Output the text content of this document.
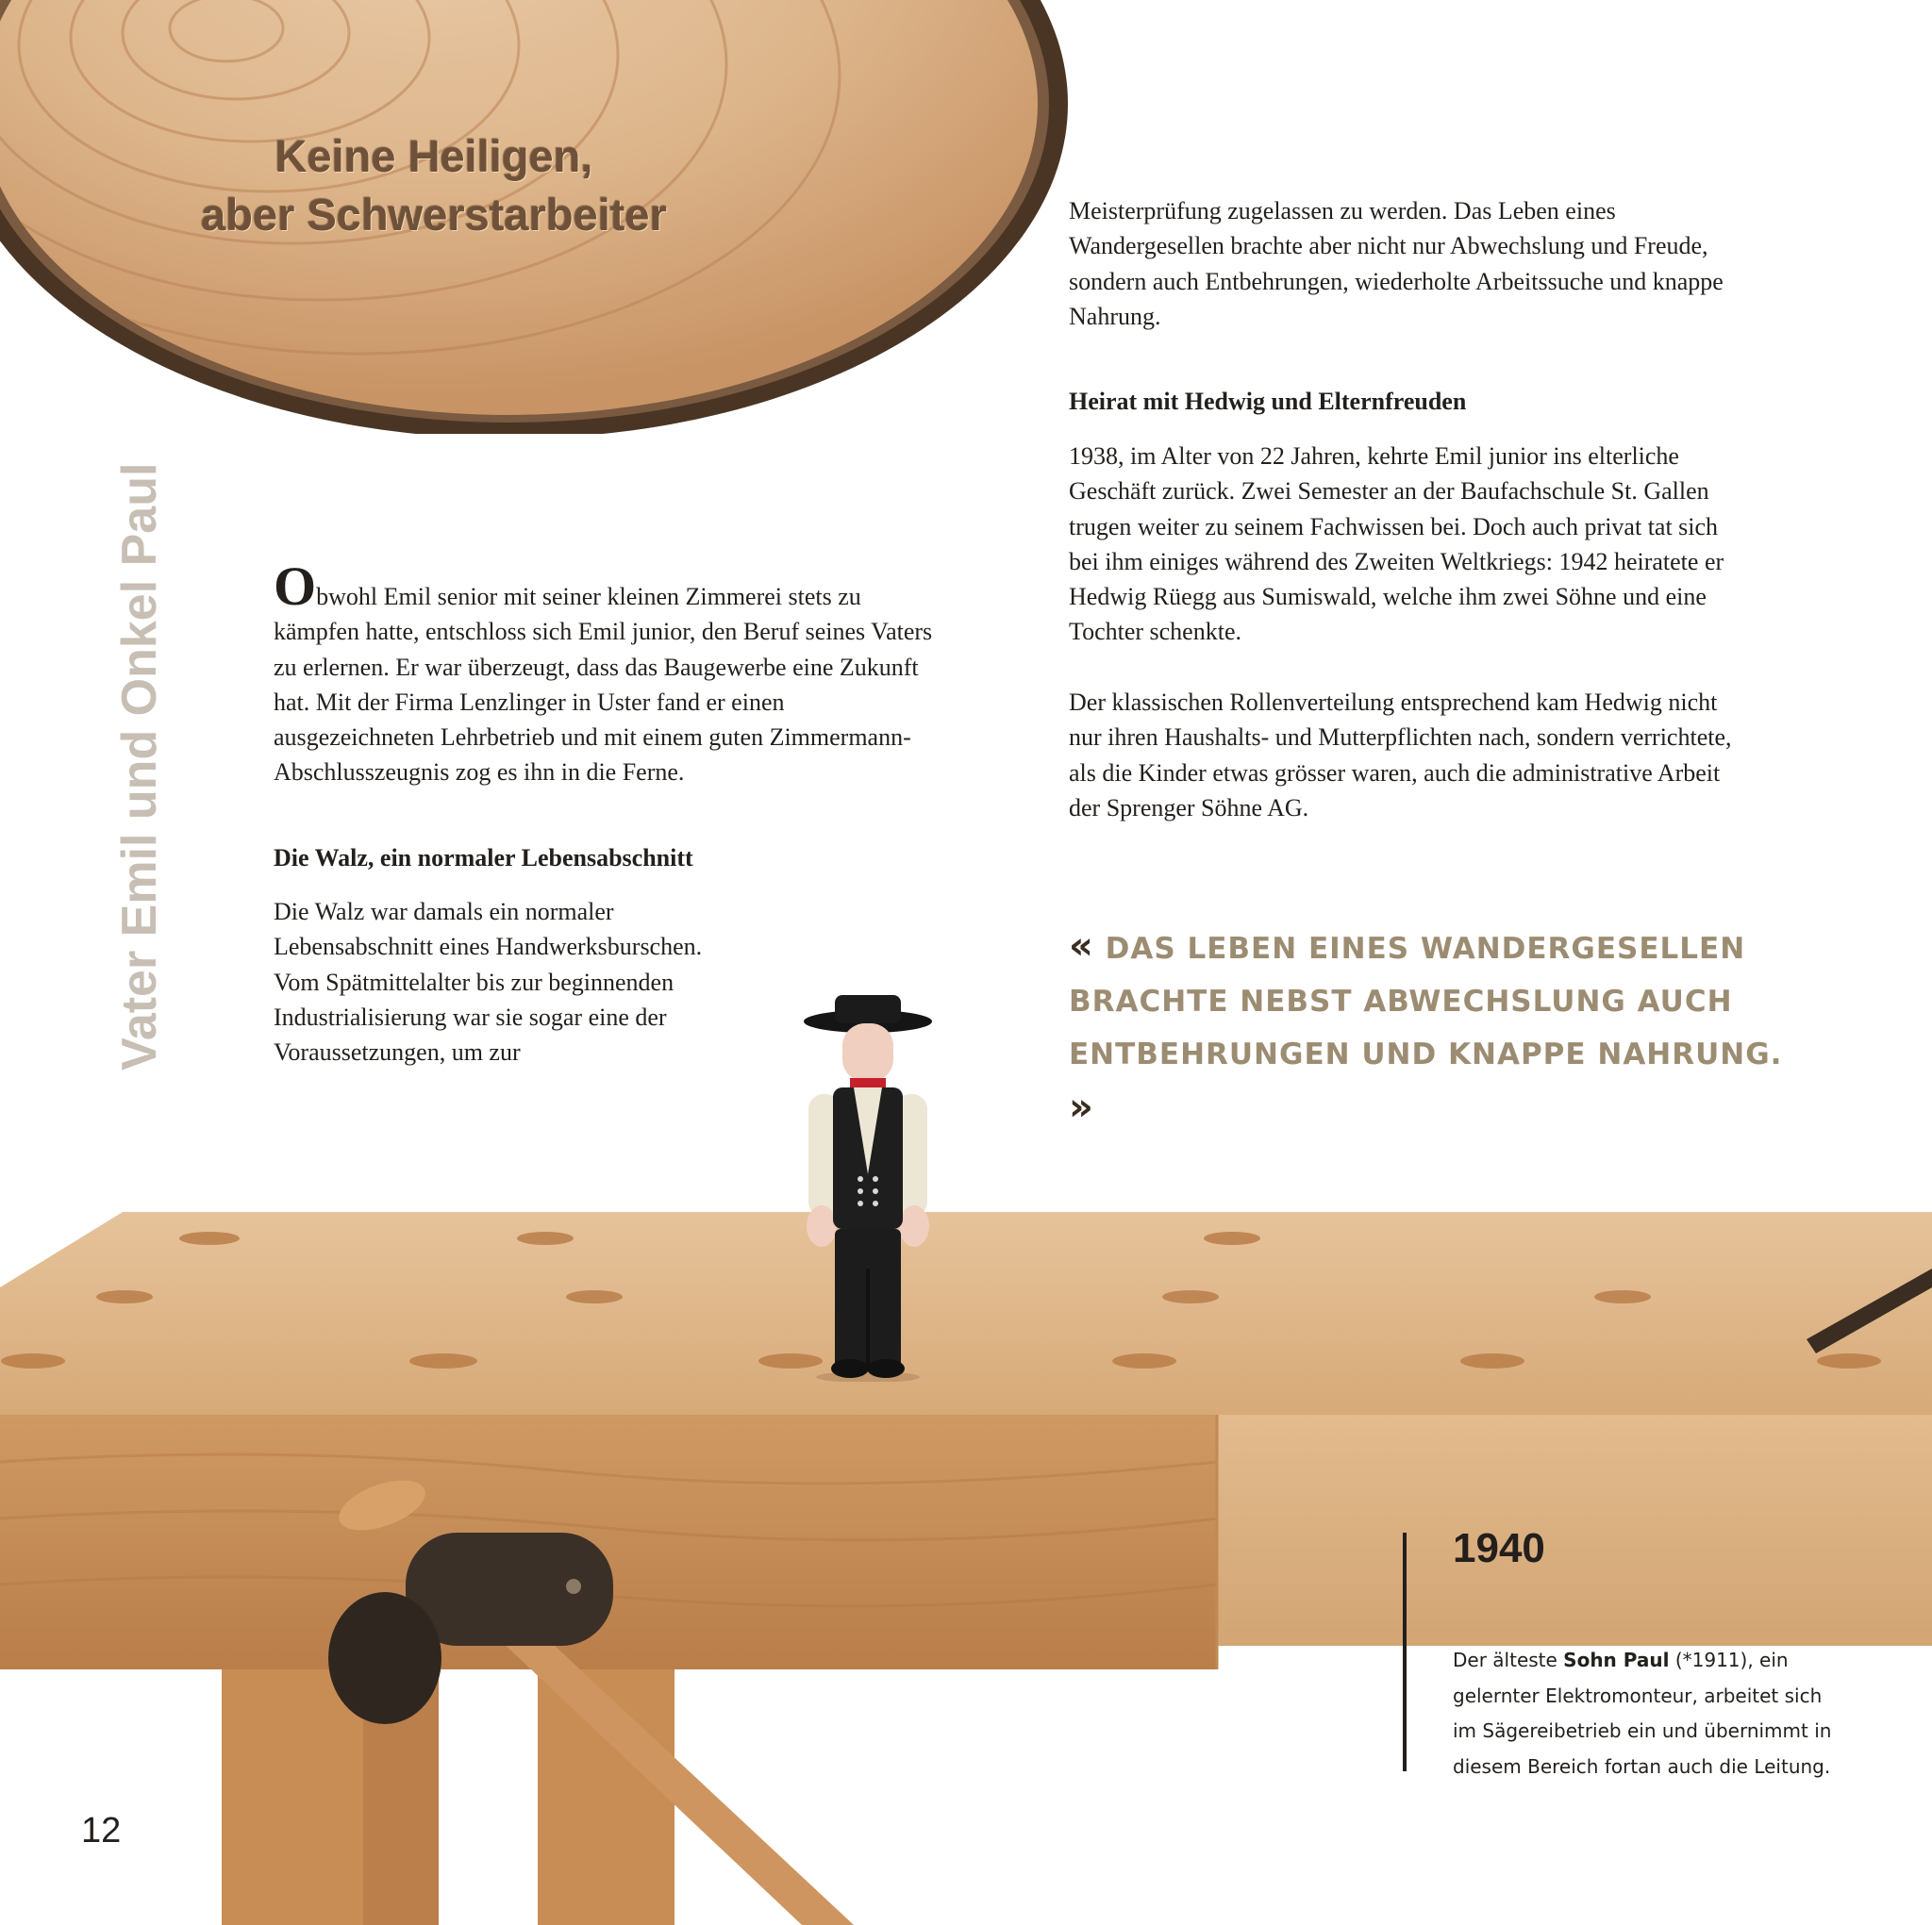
Keine Heiligen,
aber Schwerstarbeiter
Vater Emil und Onkel Paul Obwohl Emil senior mit seiner kleinen Zimmerei stets zu kämpfen hatte, entschloss sich Emil junior, den Beruf seines Vaters zu erlernen. Er war überzeugt, dass das Baugewerbe eine Zukunft hat. Mit der Firma Lenzlinger in Uster fand er einen ausgezeichneten Lehrbetrieb und mit einem guten Zimmermann-Abschlusszeugnis zog es ihn in die Ferne.

Die Walz, ein normaler Lebensabschnitt
Die Walz war damals ein normaler Lebensabschnitt eines Handwerksburschen. Vom Spätmittelalter bis zur beginnenden Industrialisierung war sie sogar eine der Voraussetzungen, um zur
Meisterprüfung zugelassen zu werden. Das Leben eines Wandergesellen brachte aber nicht nur Abwechslung und Freude, sondern auch Entbehrungen, wiederholte Arbeitssuche und knappe Nahrung.
Heirat mit Hedwig und Elternfreuden
1938, im Alter von 22 Jahren, kehrte Emil junior ins elterliche Geschäft zurück. Zwei Semester an der Baufachschule St. Gallen trugen weiter zu seinem Fachwissen bei. Doch auch privat tat sich bei ihm einiges während des Zweiten Weltkriegs: 1942 heiratete er Hedwig Rüegg aus Sumiswald, welche ihm zwei Söhne und eine Tochter schenkte.
Der klassischen Rollenverteilung entsprechend kam Hedwig nicht nur ihren Haushalts- und Mutterpflichten nach, sondern verrichtete, als die Kinder etwas grösser waren, auch die administrative Arbeit der Sprenger Söhne AG.
« DAS LEBEN EINES WANDERGESELLEN BRACHTE NEBST ABWECHSLUNG AUCH ENTBEHRUNGEN UND KNAPPE NAHRUNG. »
1940
Der älteste Sohn Paul (*1911), ein gelernter Elektromonteur, arbeitet sich im Sägereibetrieb ein und übernimmt in diesem Bereich fortan auch die Leitung.
12
